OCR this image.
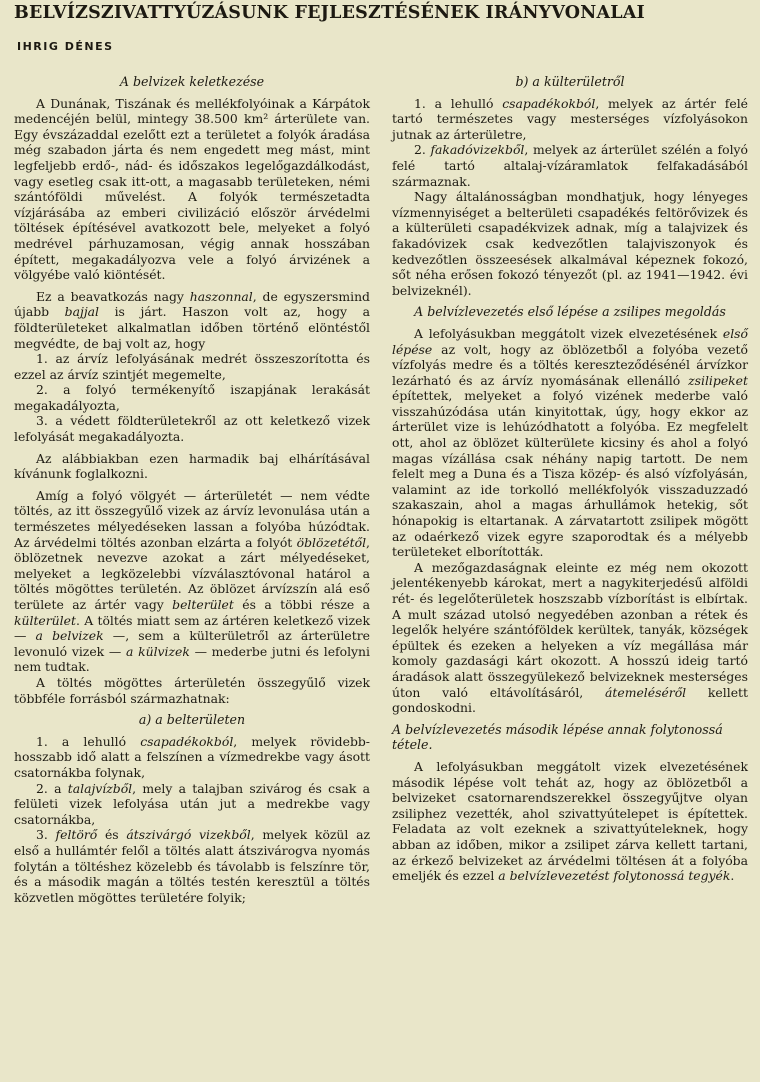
BELVÍZSZIVATTYÚZÁSUNK FEJLESZTÉSÉNEK IRÁNYVONALAI
IHRIG DÉNES
A belvizek keletkezése

A Dunának, Tiszának és mellékfolyóinak a Kárpátok medencéjén belül, mintegy 38.500 km² árterülete van. Egy évszázaddal ezelőtt ezt a területet a folyók áradása még szabadon járta és nem engedett meg mást, mint legfeljebb erdő-, nád- és időszakos legelőgazdálkodást, vagy esetleg csak itt-ott, a magasabb területeken, némi szántóföldi művelést. A folyók természetadta vízjárásába az emberi civilizáció először árvédelmi töltések építésével avatkozott bele, melyeket a folyó medrével párhuzamosan, végig annak hosszában épített, megakadályozva vele a folyó árvizének a völgyébe való kiöntését.

Ez a beavatkozás nagy haszonnal, de egyszersmind újabb bajjal is járt. Haszon volt az, hogy a földterületeket alkalmatlan időben történő elöntéstől megvédte, de baj volt az, hogy

1. az árvíz lefolyásának medrét összeszorította és ezzel az árvíz szintjét megemelte,

2. a folyó termékenyítő iszapjának lerakását megakadályozta,

3. a védett földterületekről az ott keletkező vizek lefolyását megakadályozta.

Az alábbiakban ezen harmadik baj elhárításával kívánunk foglalkozni.

Amíg a folyó völgyét — árterületét — nem védte töltés, az itt összegyűlő vizek az árvíz levonulása után a természetes mélyedéseken lassan a folyóba húzódtak. Az árvédelmi töltés azonban elzárta a folyót öblözetétől, öblözetnek nevezve azokat a zárt mélyedéseket, melyeket a legközelebbi vízválasztóvonal határol a töltés mögöttes területén. Az öblözet árvízszín alá eső területe az ártér vagy belterület és a többi része a külterület. A töltés miatt sem az ártéren keletkező vizek — a belvizek —, sem a külterületről az árterületre levonuló vizek — a külvizek — mederbe jutni és lefolyni nem tudtak.

A töltés mögöttes árterületén összegyűlő vizek többféle forrásból származhatnak:

a) a belterületen

1. a lehulló csapadékokból, melyek rövidebb-hosszabb idő alatt a felszínen a vízmedrekbe vagy ásott csatornákba folynak,

2. a talajvízből, mely a talajban szivárog és csak a felületi vizek lefolyása után jut a medrekbe vagy csatornákba,

3. feltörő és átszivárgó vizekből, melyek közül az első a hullámtér felől a töltés alatt átszivárogva nyomás folytán a töltéshez közelebb és távolabb is felszínre tör, és a második magán a töltés testén keresztül a töltés közvetlen mögöttes területére folyik;

b) a külterületről

1. a lehulló csapadékokból, melyek az ártér felé tartó természetes vagy mesterséges vízfolyásokon jutnak az árterületre,

2. fakadóvizekből, melyek az árterület szélén a folyó felé tartó altalaj-vízáramlatok felfakadásából származnak.

Nagy általánosságban mondhatjuk, hogy lényeges vízmennyiséget a belterületi csapadékés feltörővizek és a külterületi csapadékvizek adnak, míg a talajvizek és fakadóvizek csak kedvezőtlen talajviszonyok és kedvezőtlen összeesések alkalmával képeznek fokozó, sőt néha erősen fokozó tényezőt (pl. az 1941—1942. évi belvizeknél).

A belvízlevezetés első lépése a zsilipes megoldás

A lefolyásukban meggátolt vizek elvezetésének első lépése az volt, hogy az öblözetből a folyóba vezető vízfolyás medre és a töltés kereszteződésénél árvízkor lezárható és az árvíz nyomásának ellenálló zsilipeket építettek, melyeket a folyó vizének mederbe való visszahúzódása után kinyitottak, úgy, hogy ekkor az árterület vize is lehúzódhatott a folyóba. Ez megfelelt ott, ahol az öblözet külterülete kicsiny és ahol a folyó magas vízállása csak néhány napig tartott. De nem felelt meg a Duna és a Tisza közép- és alsó vízfolyásán, valamint az ide torkolló mellékfolyók visszaduzzadó szakaszain, ahol a magas árhullámok hetekig, sőt hónapokig is eltartanak. A zárvatartott zsilipek mögött az odaérkező vizek egyre szaporodtak és a mélyebb területeket elborították.

A mezőgazdaságnak eleinte ez még nem okozott jelentékenyebb károkat, mert a nagykiterjedésű alföldi rét- és legelőterületek hoszszabb vízborítást is elbírtak. A mult század utolsó negyedében azonban a rétek és legelők helyére szántóföldek kerültek, tanyák, községek épültek és ezeken a helyeken a víz megállása már komoly gazdasági kárt okozott. A hosszú ideig tartó áradások alatt összegyülekező belvizeknek mesterséges úton való eltávolításáról, átemeléséről kellett gondoskodni.

A belvízlevezetés második lépése annak folytonossá tétele.

A lefolyásukban meggátolt vizek elvezetésének második lépése volt tehát az, hogy az öblözetből a belvizeket csatornarendszerekkel összegyűjtve olyan zsiliphez vezették, ahol szivattyútelepet is építettek. Feladata az volt ezeknek a szivattyúteleknek, hogy abban az időben, mikor a zsilipet zárva kellett tartani, az érkező belvizeket az árvédelmi töltésen át a folyóba emeljék és ezzel a belvízlevezetést folytonossá tegyék.
